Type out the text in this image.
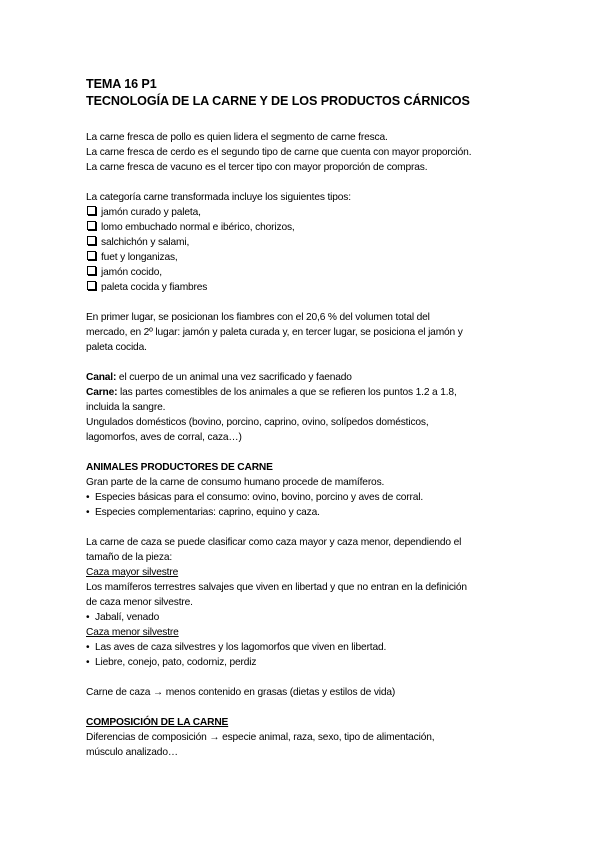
TEMA 16 P1
TECNOLOGÍA DE LA CARNE Y DE LOS PRODUCTOS CÁRNICOS
La carne fresca de pollo es quien lidera el segmento de carne fresca.
La carne fresca de cerdo es el segundo tipo de carne que cuenta con mayor proporción.
La carne fresca de vacuno es el tercer tipo con mayor proporción de compras.
La categoría carne transformada incluye los siguientes tipos:
jamón curado y paleta,
lomo embuchado normal e ibérico, chorizos,
salchichón y salami,
fuet y longanizas,
jamón cocido,
paleta cocida y fiambres
En primer lugar, se posicionan los fiambres con el 20,6 % del volumen total del
mercado, en 2º lugar: jamón y paleta curada y, en tercer lugar, se posiciona el jamón y
paleta cocida.
Canal: el cuerpo de un animal una vez sacrificado y faenado
Carne: las partes comestibles de los animales a que se refieren los puntos 1.2 a 1.8,
incluida la sangre.
Ungulados domésticos (bovino, porcino, caprino, ovino, solípedos domésticos,
lagomorfos, aves de corral, caza…)
ANIMALES PRODUCTORES DE CARNE
Gran parte de la carne de consumo humano procede de mamíferos.
• Especies básicas para el consumo: ovino, bovino, porcino y aves de corral.
• Especies complementarias: caprino, equino y caza.
La carne de caza se puede clasificar como caza mayor y caza menor, dependiendo el
tamaño de la pieza:
Caza mayor silvestre
Los mamíferos terrestres salvajes que viven en libertad y que no entran en la definición
de caza menor silvestre.
• Jabalí, venado
Caza menor silvestre
• Las aves de caza silvestres y los lagomorfos que viven en libertad.
• Liebre, conejo, pato, codorniz, perdiz
Carne de caza → menos contenido en grasas (dietas y estilos de vida)
COMPOSICIÓN DE LA CARNE
Diferencias de composición → especie animal, raza, sexo, tipo de alimentación,
músculo analizado…
